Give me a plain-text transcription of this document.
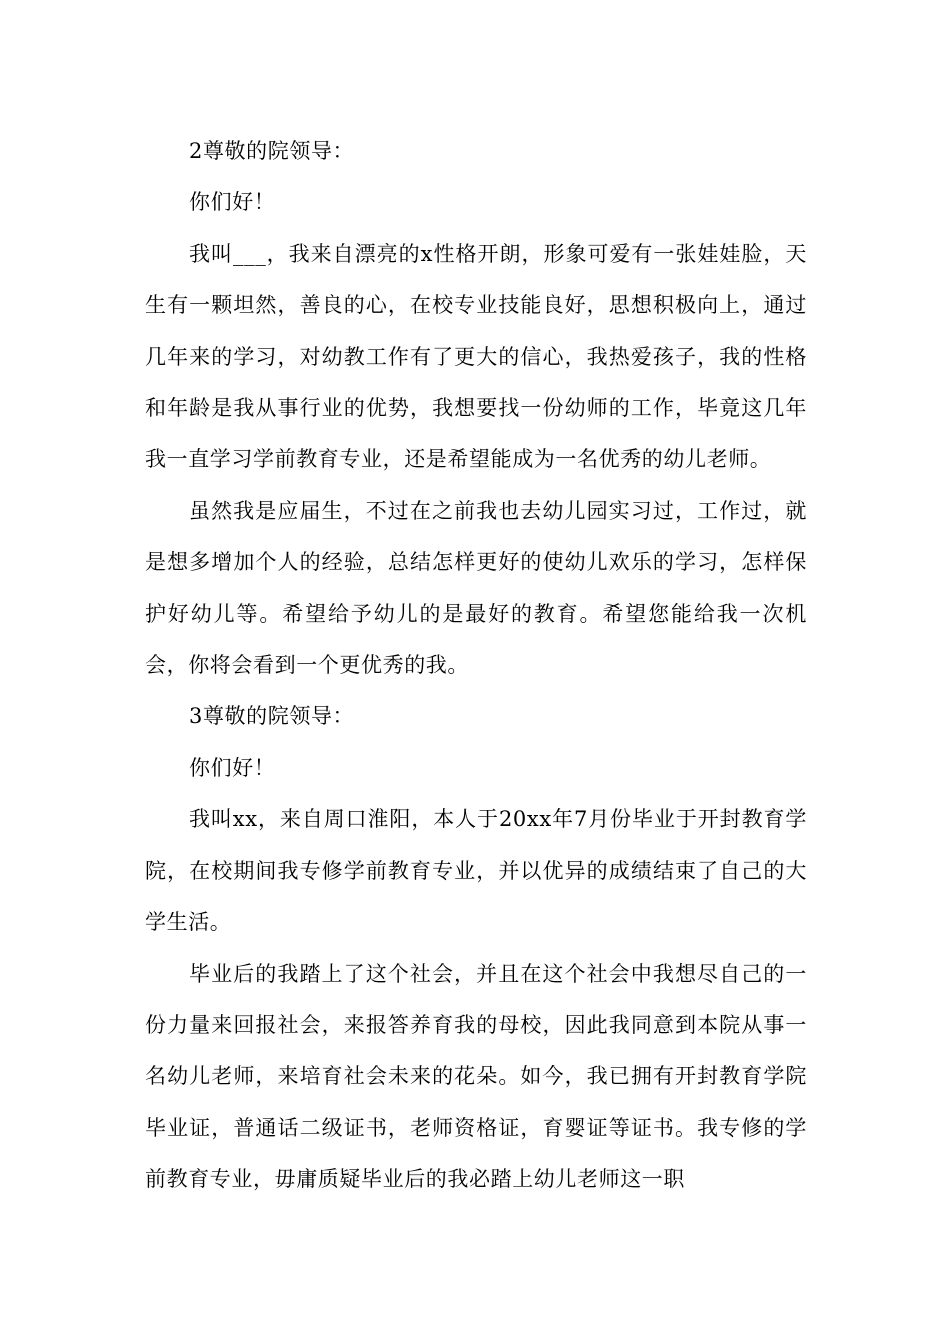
2尊敬的院领导：

你们好！

我叫___，我来自漂亮的x性格开朗，形象可爱有一张娃娃脸，天生有一颗坦然，善良的心，在校专业技能良好，思想积极向上，通过几年来的学习，对幼教工作有了更大的信心，我热爱孩子，我的性格和年龄是我从事行业的优势，我想要找一份幼师的工作，毕竟这几年我一直学习学前教育专业，还是希望能成为一名优秀的幼儿老师。

虽然我是应届生，不过在之前我也去幼儿园实习过，工作过，就是想多增加个人的经验，总结怎样更好的使幼儿欢乐的学习，怎样保护好幼儿等。希望给予幼儿的是最好的教育。希望您能给我一次机会，你将会看到一个更优秀的我。

3尊敬的院领导：

你们好！

我叫xx，来自周口淮阳，本人于20xx年7月份毕业于开封教育学院，在校期间我专修学前教育专业，并以优异的成绩结束了自己的大学生活。

毕业后的我踏上了这个社会，并且在这个社会中我想尽自己的一份力量来回报社会，来报答养育我的母校，因此我同意到本院从事一名幼儿老师，来培育社会未来的花朵。如今，我已拥有开封教育学院毕业证，普通话二级证书，老师资格证，育婴证等证书。我专修的学前教育专业，毋庸质疑毕业后的我必踏上幼儿老师这一职
